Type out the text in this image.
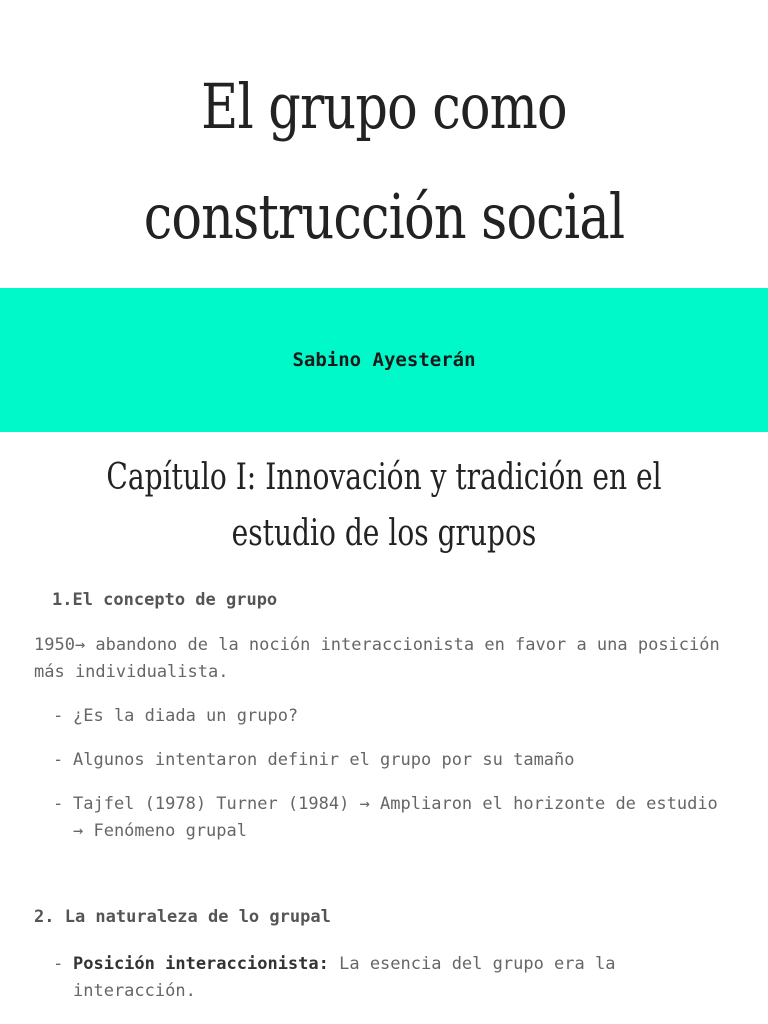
El grupo como construcción social
Sabino Ayesterán
Capítulo I: Innovación y tradición en el estudio de los grupos
1.El concepto de grupo

1950→ abandono de la noción interaccionista en favor a una posición más individualista.

- ¿Es la diada un grupo?
- Algunos intentaron definir el grupo por su tamaño
- Tajfel (1978) Turner (1984) → Ampliaron el horizonte de estudio → Fenómeno grupal
2. La naturaleza de lo grupal
- Posición interaccionista: La esencia del grupo era la interacción.
